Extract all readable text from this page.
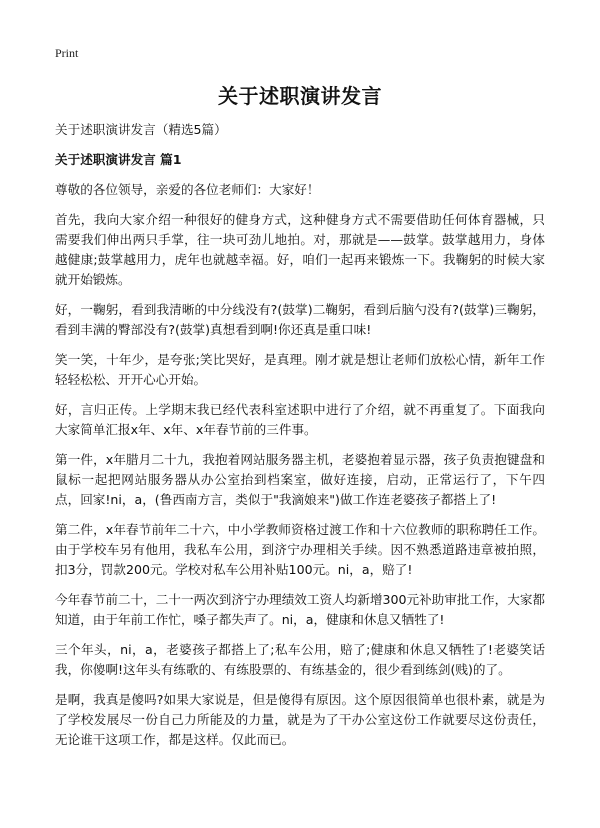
Print
关于述职演讲发言

关于述职演讲发言（精选5篇）

关于述职演讲发言 篇1

尊敬的各位领导，亲爱的各位老师们：大家好！

首先，我向大家介绍一种很好的健身方式，这种健身方式不需要借助任何体育器械，只需要我们伸出两只手掌，往一块可劲儿地拍。对，那就是——鼓掌。鼓掌越用力，身体越健康;鼓掌越用力，虎年也就越幸福。好，咱们一起再来锻炼一下。我鞠躬的时候大家就开始锻炼。

好，一鞠躬，看到我清晰的中分线没有?(鼓掌)二鞠躬，看到后脑勺没有?(鼓掌)三鞠躬，看到丰满的臀部没有?(鼓掌)真想看到啊!你还真是重口味!

笑一笑，十年少，是夸张;笑比哭好，是真理。刚才就是想让老师们放松心情，新年工作轻轻松松、开开心心开始。

好，言归正传。上学期末我已经代表科室述职中进行了介绍，就不再重复了。下面我向大家简单汇报x年、x年、x年春节前的三件事。

第一件，x年腊月二十九，我抱着网站服务器主机，老婆抱着显示器，孩子负责抱键盘和鼠标一起把网站服务器从办公室抬到档案室，做好连接，启动，正常运行了，下午四点，回家!ni，a，(鲁西南方言，类似于"我滴娘来")做工作连老婆孩子都搭上了!

第二件，x年春节前年二十六，中小学教师资格过渡工作和十六位教师的职称聘任工作。由于学校车另有他用，我私车公用，到济宁办理相关手续。因不熟悉道路违章被拍照，扣3分，罚款200元。学校对私车公用补贴100元。ni，a，赔了!

今年春节前二十，二十一两次到济宁办理绩效工资人均新增300元补助审批工作，大家都知道，由于年前工作忙，嗓子都失声了。ni，a，健康和休息又牺牲了!

三个年头，ni，a，老婆孩子都搭上了;私车公用，赔了;健康和休息又牺牲了!老婆笑话我，你傻啊!这年头有练歌的、有练股票的、有练基金的，很少看到练剑(贱)的了。

是啊，我真是傻吗?如果大家说是，但是傻得有原因。这个原因很简单也很朴素，就是为了学校发展尽一份自己力所能及的力量，就是为了干办公室这份工作就要尽这份责任，无论谁干这项工作，都是这样。仅此而已。
